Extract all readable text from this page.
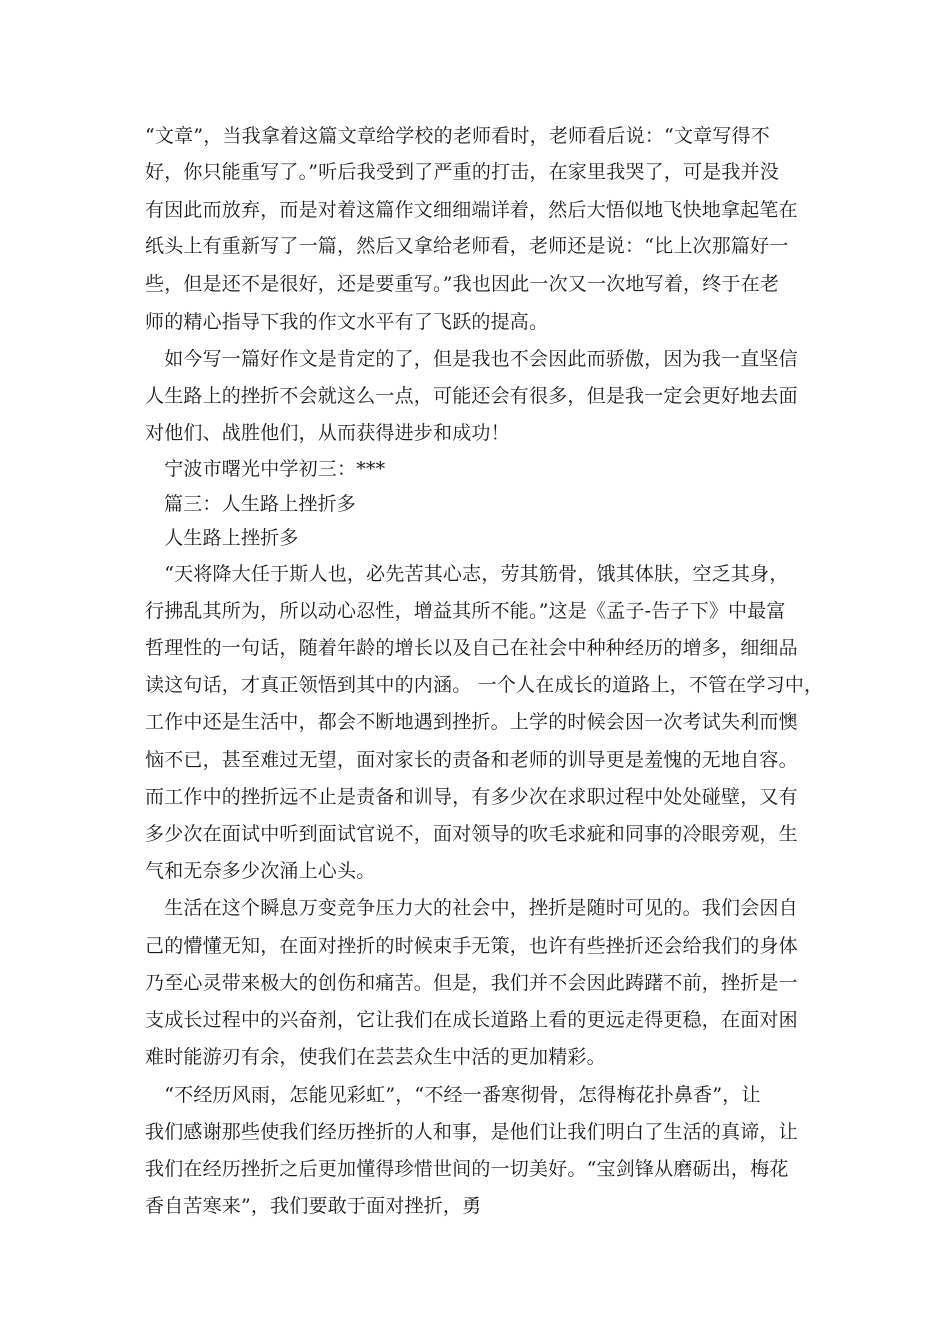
“文章”，当我拿着这篇文章给学校的老师看时，老师看后说：“文章写得不
好，你只能重写了。”听后我受到了严重的打击，在家里我哭了，可是我并没
有因此而放弃，而是对着这篇作文细细端详着，然后大悟似地飞快地拿起笔在
纸头上有重新写了一篇，然后又拿给老师看，老师还是说：“比上次那篇好一
些，但是还不是很好，还是要重写。”我也因此一次又一次地写着，终于在老
师的精心指导下我的作文水平有了飞跃的提高。
　如今写一篇好作文是肯定的了，但是我也不会因此而骄傲，因为我一直坚信
人生路上的挫折不会就这么一点，可能还会有很多，但是我一定会更好地去面
对他们、战胜他们，从而获得进步和成功！
　宁波市曙光中学初三：***
篇三：人生路上挫折多
　人生路上挫折多
　“天将降大任于斯人也，必先苦其心志，劳其筋骨，饿其体肤，空乏其身，
行拂乱其所为，所以动心忍性，增益其所不能。”这是《孟子-告子下》中最富
哲理性的一句话，随着年龄的增长以及自己在社会中种种经历的增多，细细品
读这句话，才真正领悟到其中的内涵。 一个人在成长的道路上，不管在学习中，
工作中还是生活中，都会不断地遇到挫折。上学的时候会因一次考试失利而懊
恼不已，甚至难过无望，面对家长的责备和老师的训导更是羞愧的无地自容。
而工作中的挫折远不止是责备和训导，有多少次在求职过程中处处碰壁，又有
多少次在面试中听到面试官说不，面对领导的吹毛求疵和同事的冷眼旁观，生
气和无奈多少次涌上心头。
　生活在这个瞬息万变竞争压力大的社会中，挫折是随时可见的。我们会因自
己的懵懂无知，在面对挫折的时候束手无策，也许有些挫折还会给我们的身体
乃至心灵带来极大的创伤和痛苦。但是，我们并不会因此踌躇不前，挫折是一
支成长过程中的兴奋剂，它让我们在成长道路上看的更远走得更稳，在面对困
难时能游刃有余，使我们在芸芸众生中活的更加精彩。
　“不经历风雨，怎能见彩虹”，“不经一番寒彻骨，怎得梅花扑鼻香”，让
我们感谢那些使我们经历挫折的人和事，是他们让我们明白了生活的真谛，让
我们在经历挫折之后更加懂得珍惜世间的一切美好。“宝剑锋从磨砺出，梅花
香自苦寒来”，我们要敢于面对挫折，勇
